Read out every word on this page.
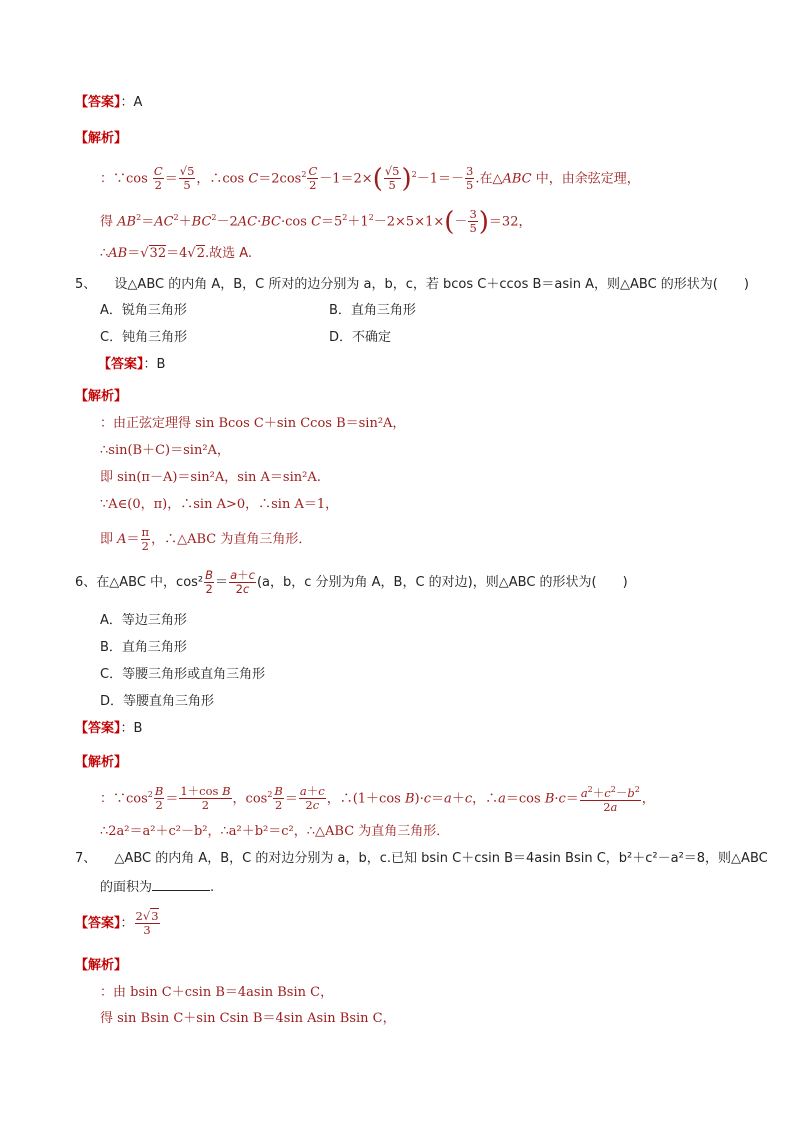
【答案】：A
【解析】
：∵cos $\frac{C}{2} = \frac{√5}{5}$ ，∴cos $C=2\cos^2 \frac{C}{2} -1=2\times( \frac{√5}{5} )^2-1=- \frac{3}{5}$ .在△ABC 中，由余弦定理，
得 $AB^2=AC^2+BC^2-2AC\cdot BC\cdot\cos$ $C=5^2+1^2-2\times 5\times 1\times(- \frac{3}{5} )=32$，
∴AB＝√32＝4√2.故选 A.
5、 设△ABC 的内角 A，B，C 所对的边分别为 a，b，c，若 bcos C＋ccos B＝asin A，则△ABC 的形状为(　　)
A．锐角三角形	B．直角三角形
C．钝角三角形	D．不确定
【答案】：B
【解析】
：由正弦定理得 sin Bcos C＋sin Ccos B＝sin²A，
∴sin(B＋C)＝sin²A，
即 sin(π－A)＝sin²A，sin A＝sin²A.
∵A∈(0，π)，∴sin A>0，∴sin A＝1，
即 $A= \frac{\pi}{2}$ ，∴△ABC 为直角三角形．
6、在△ABC 中，$\cos^2 \frac{B}{2} = \frac{a+c}{2c} (a$，b，c 分别为角 A，B，C 的对边)，则△ABC 的形状为(　　)
A．等边三角形
B．直角三角形
C．等腰三角形或直角三角形
D．等腰直角三角形
【答案】：B
【解析】
：$\because\cos^2 \frac{B}{2} = \frac{\text{1＋cos B}}{2}$ ，$\cos^2 \frac{B}{2} = \frac{a+c}{2c}$ ，∴(1＋cos B)·c＝a＋c，∴a＝cos $B\cdot c= \frac{a^2+c^2-b^2}{2a}$ ，
∴2a²＝a²＋c²－b²，∴a²＋b²＝c²，∴△ABC 为直角三角形．
7、 △ABC 的内角 A，B，C 的对边分别为 a，b，c.已知 bsin C＋csin B＝4asin Bsin C，b²＋c²－a²＝8，则△ABC
的面积为	.
【答案】： $\frac{2√3}{3}$
【解析】
：由 bsin C＋csin B＝4asin Bsin C，
得 sin Bsin C＋sin Csin B＝4sin Asin Bsin C，
